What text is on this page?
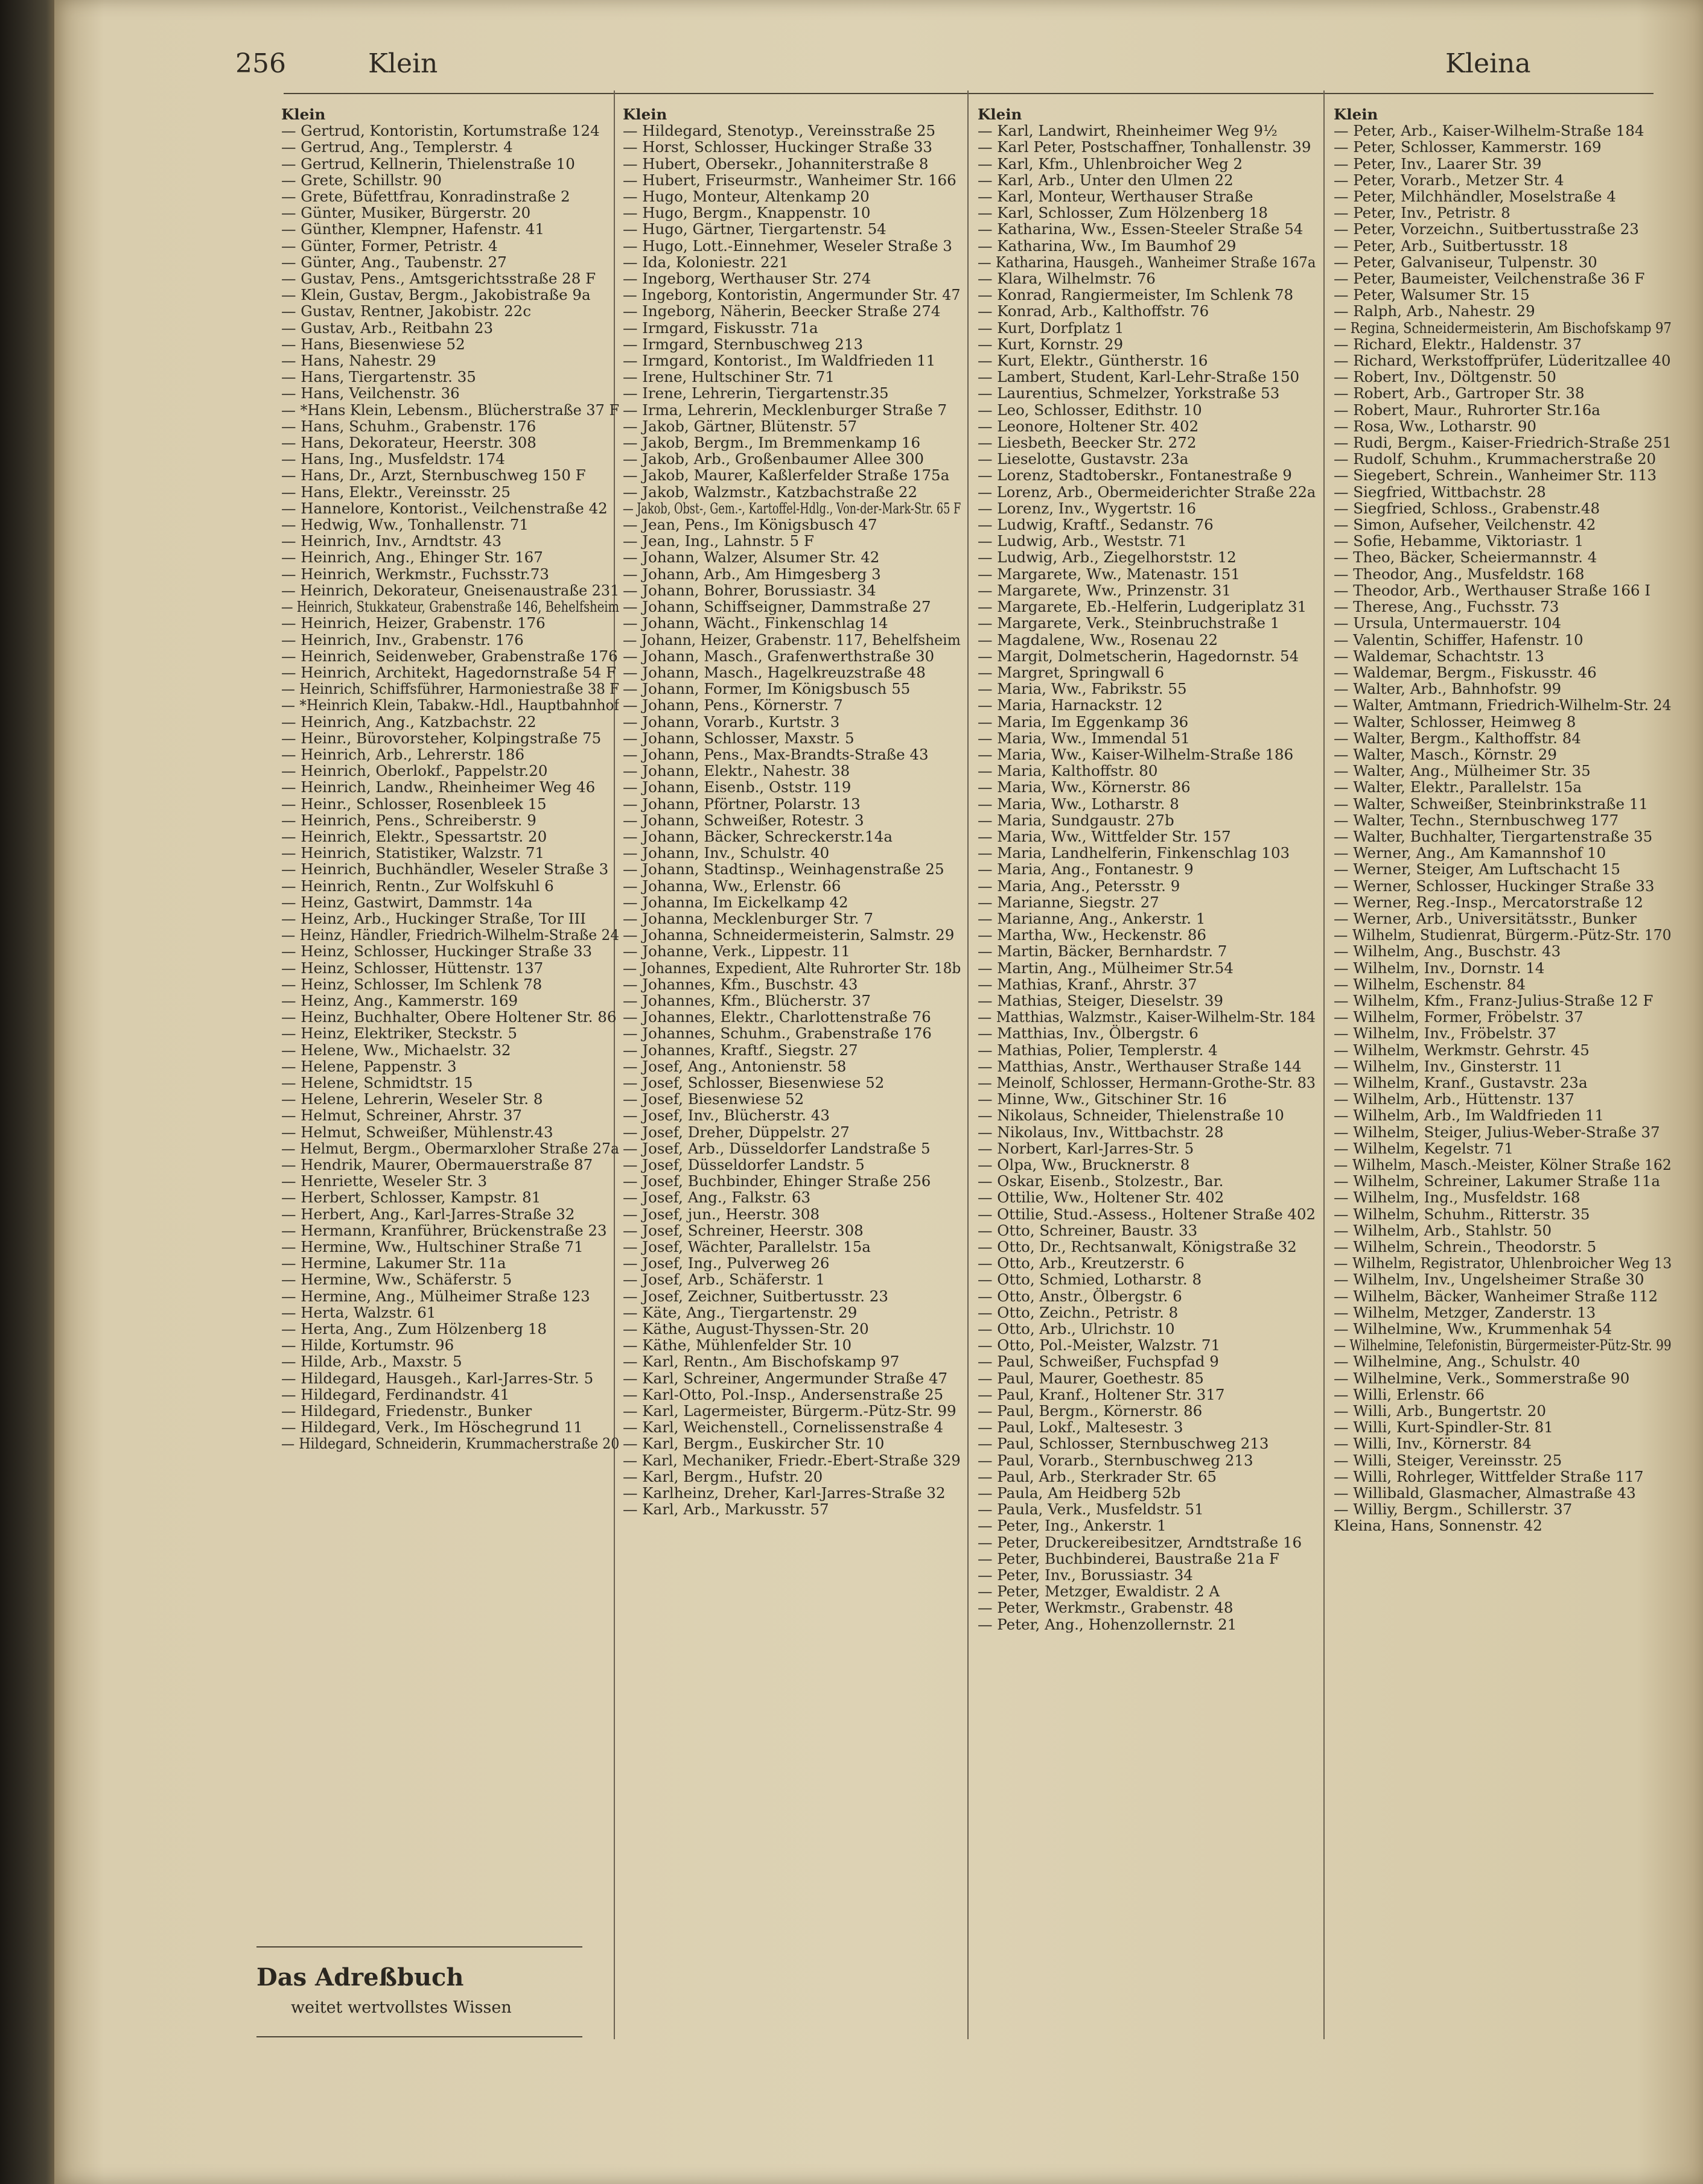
256	Klein	Kleina
Klein
— Gertrud, Kontoristin, Kortumstraße 124
— Gertrud, Ang., Templerstr. 4
— Gertrud, Kellnerin, Thielenstraße 10
— Grete, Schillstr. 90
— Grete, Büfettfrau, Konradinstraße 2
— Günter, Musiker, Bürgerstr. 20
— Günther, Klempner, Hafenstr. 41
— Günter, Former, Petristr. 4
— Günter, Ang., Taubenstr. 27
— Gustav, Pens., Amtsgerichtsstraße 28 F
— Klein, Gustav, Bergm., Jakobistraße 9a
— Gustav, Rentner, Jakobistr. 22c
— Gustav, Arb., Reitbahn 23
— Hans, Biesenwiese 52
— Hans, Nahestr. 29
— Hans, Tiergartenstr. 35
— Hans, Veilchenstr. 36
— *Hans Klein, Lebensm., Blücherstraße 37 F
— Hans, Schuhm., Grabenstr. 176
— Hans, Dekorateur, Heerstr. 308
— Hans, Ing., Musfeldstr. 174
— Hans, Dr., Arzt, Sternbuschweg 150 F
— Hans, Elektr., Vereinsstr. 25
— Hannelore, Kontorist., Veilchenstraße 42
— Hedwig, Ww., Tonhallenstr. 71
— Heinrich, Inv., Arndtstr. 43
— Heinrich, Ang., Ehinger Str. 167
— Heinrich, Werkmstr., Fuchsstr.73
— Heinrich, Dekorateur, Gneisenaustraße 231
— Heinrich, Stukkateur, Grabenstraße 146, Behelfsheim
— Heinrich, Heizer, Grabenstr. 176
— Heinrich, Inv., Grabenstr. 176
— Heinrich, Seidenweber, Grabenstraße 176
— Heinrich, Architekt, Hagedornstraße 54 F
— Heinrich, Schiffsführer, Harmoniestraße 38 F
— *Heinrich Klein, Tabakw.-Hdl., Hauptbahnhof
— Heinrich, Ang., Katzbachstr. 22
— Heinr., Bürovorsteher, Kolpingstraße 75
— Heinrich, Arb., Lehrerstr. 186
— Heinrich, Oberlokf., Pappelstr.20
— Heinrich, Landw., Rheinheimer Weg 46
— Heinr., Schlosser, Rosenbleek 15
— Heinrich, Pens., Schreiberstr. 9
— Heinrich, Elektr., Spessartstr. 20
— Heinrich, Statistiker, Walzstr. 71
— Heinrich, Buchhändler, Weseler Straße 3
— Heinrich, Rentn., Zur Wolfskuhl 6
— Heinz, Gastwirt, Dammstr. 14a
— Heinz, Arb., Huckinger Straße, Tor III
— Heinz, Händler, Friedrich-Wilhelm-Straße 24
— Heinz, Schlosser, Huckinger Straße 33
— Heinz, Schlosser, Hüttenstr. 137
— Heinz, Schlosser, Im Schlenk 78
— Heinz, Ang., Kammerstr. 169
— Heinz, Buchhalter, Obere Holtener Str. 86
— Heinz, Elektriker, Steckstr. 5
— Helene, Ww., Michaelstr. 32
— Helene, Pappenstr. 3
— Helene, Schmidtstr. 15
— Helene, Lehrerin, Weseler Str. 8
— Helmut, Schreiner, Ahrstr. 37
— Helmut, Schweißer, Mühlenstr.43
— Helmut, Bergm., Obermarxloher Straße 27a
— Hendrik, Maurer, Obermauerstraße 87
— Henriette, Weseler Str. 3
— Herbert, Schlosser, Kampstr. 81
— Herbert, Ang., Karl-Jarres-Straße 32
— Hermann, Kranführer, Brückenstraße 23
— Hermine, Ww., Hultschiner Straße 71
— Hermine, Lakumer Str. 11a
— Hermine, Ww., Schäferstr. 5
— Hermine, Ang., Mülheimer Straße 123
— Herta, Walzstr. 61
— Herta, Ang., Zum Hölzenberg 18
— Hilde, Kortumstr. 96
— Hilde, Arb., Maxstr. 5
— Hildegard, Hausgeh., Karl-Jarres-Str. 5
— Hildegard, Ferdinandstr. 41
— Hildegard, Friedenstr., Bunker
— Hildegard, Verk., Im Höschegrund 11
— Hildegard, Schneiderin, Krummacherstraße 20
Klein
— Hildegard, Stenotyp., Vereinsstraße 25
— Horst, Schlosser, Huckinger Straße 33
— Hubert, Obersekr., Johanniterstraße 8
— Hubert, Friseurmstr., Wanheimer Str. 166
— Hugo, Monteur, Altenkamp 20
— Hugo, Bergm., Knappenstr. 10
— Hugo, Gärtner, Tiergartenstr. 54
— Hugo, Lott.-Einnehmer, Weseler Straße 3
— Ida, Koloniestr. 221
— Ingeborg, Werthauser Str. 274
— Ingeborg, Kontoristin, Angermunder Str. 47
— Ingeborg, Näherin, Beecker Straße 274
— Irmgard, Fiskusstr. 71a
— Irmgard, Sternbuschweg 213
— Irmgard, Kontorist., Im Waldfrieden 11
— Irene, Hultschiner Str. 71
— Irene, Lehrerin, Tiergartenstr.35
— Irma, Lehrerin, Mecklenburger Straße 7
— Jakob, Gärtner, Blütenstr. 57
— Jakob, Bergm., Im Bremmenkamp 16
— Jakob, Arb., Großenbaumer Allee 300
— Jakob, Maurer, Kaßlerfelder Straße 175a
— Jakob, Walzmstr., Katzbachstraße 22
— Jakob, Obst-, Gem.-, Kartoffel-Hdlg., Von-der-Mark-Str. 65 F
— Jean, Pens., Im Königsbusch 47
— Jean, Ing., Lahnstr. 5 F
— Johann, Walzer, Alsumer Str. 42
— Johann, Arb., Am Himgesberg 3
— Johann, Bohrer, Borussiastr. 34
— Johann, Schiffseigner, Dammstraße 27
— Johann, Wächt., Finkenschlag 14
— Johann, Heizer, Grabenstr. 117, Behelfsheim
— Johann, Masch., Grafenwerthstraße 30
— Johann, Masch., Hagelkreuzstraße 48
— Johann, Former, Im Königsbusch 55
— Johann, Pens., Körnerstr. 7
— Johann, Vorarb., Kurtstr. 3
— Johann, Schlosser, Maxstr. 5
— Johann, Pens., Max-Brandts-Straße 43
— Johann, Elektr., Nahestr. 38
— Johann, Eisenb., Oststr. 119
— Johann, Pförtner, Polarstr. 13
— Johann, Schweißer, Rotestr. 3
— Johann, Bäcker, Schreckerstr.14a
— Johann, Inv., Schulstr. 40
— Johann, Stadtinsp., Weinhagenstraße 25
— Johanna, Ww., Erlenstr. 66
— Johanna, Im Eickelkamp 42
— Johanna, Mecklenburger Str. 7
— Johanna, Schneidermeisterin, Salmstr. 29
— Johanne, Verk., Lippestr. 11
— Johannes, Expedient, Alte Ruhrorter Str. 18b
— Johannes, Kfm., Buschstr. 43
— Johannes, Kfm., Blücherstr. 37
— Johannes, Elektr., Charlottenstraße 76
— Johannes, Schuhm., Grabenstraße 176
— Johannes, Kraftf., Siegstr. 27
— Josef, Ang., Antonienstr. 58
— Josef, Schlosser, Biesenwiese 52
— Josef, Biesenwiese 52
— Josef, Inv., Blücherstr. 43
— Josef, Dreher, Düppelstr. 27
— Josef, Arb., Düsseldorfer Landstraße 5
— Josef, Düsseldorfer Landstr. 5
— Josef, Buchbinder, Ehinger Straße 256
— Josef, Ang., Falkstr. 63
— Josef, jun., Heerstr. 308
— Josef, Schreiner, Heerstr. 308
— Josef, Wächter, Parallelstr. 15a
— Josef, Ing., Pulverweg 26
— Josef, Arb., Schäferstr. 1
— Josef, Zeichner, Suitbertusstr. 23
— Käte, Ang., Tiergartenstr. 29
— Käthe, August-Thyssen-Str. 20
— Käthe, Mühlenfelder Str. 10
— Karl, Rentn., Am Bischofskamp 97
— Karl, Schreiner, Angermunder Straße 47
— Karl-Otto, Pol.-Insp., Andersenstraße 25
— Karl, Lagermeister, Bürgerm.-Pütz-Str. 99
— Karl, Weichenstell., Cornelissenstraße 4
— Karl, Bergm., Euskircher Str. 10
— Karl, Mechaniker, Friedr.-Ebert-Straße 329
— Karl, Bergm., Hufstr. 20
— Karlheinz, Dreher, Karl-Jarres-Straße 32
— Karl, Arb., Markusstr. 57
Klein
— Karl, Landwirt, Rheinheimer Weg 9½
— Karl Peter, Postschaffner, Tonhallenstr. 39
— Karl, Kfm., Uhlenbroicher Weg 2
— Karl, Arb., Unter den Ulmen 22
— Karl, Monteur, Werthauser Straße
— Karl, Schlosser, Zum Hölzenberg 18
— Katharina, Ww., Essen-Steeler Straße 54
— Katharina, Ww., Im Baumhof 29
— Katharina, Hausgeh., Wanheimer Straße 167a
— Klara, Wilhelmstr. 76
— Konrad, Rangiermeister, Im Schlenk 78
— Konrad, Arb., Kalthoffstr. 76
— Kurt, Dorfplatz 1
— Kurt, Kornstr. 29
— Kurt, Elektr., Güntherstr. 16
— Lambert, Student, Karl-Lehr-Straße 150
— Laurentius, Schmelzer, Yorkstraße 53
— Leo, Schlosser, Edithstr. 10
— Leonore, Holtener Str. 402
— Liesbeth, Beecker Str. 272
— Lieselotte, Gustavstr. 23a
— Lorenz, Stadtoberskr., Fontanestraße 9
— Lorenz, Arb., Obermeiderichter Straße 22a
— Lorenz, Inv., Wygertstr. 16
— Ludwig, Kraftf., Sedanstr. 76
— Ludwig, Arb., Weststr. 71
— Ludwig, Arb., Ziegelhorststr. 12
— Margarete, Ww., Matenastr. 151
— Margarete, Ww., Prinzenstr. 31
— Margarete, Eb.-Helferin, Ludgeriplatz 31
— Margarete, Verk., Steinbruchstraße 1
— Magdalene, Ww., Rosenau 22
— Margit, Dolmetscherin, Hagedornstr. 54
— Margret, Springwall 6
— Maria, Ww., Fabrikstr. 55
— Maria, Harnackstr. 12
— Maria, Im Eggenkamp 36
— Maria, Ww., Immendal 51
— Maria, Ww., Kaiser-Wilhelm-Straße 186
— Maria, Kalthoffstr. 80
— Maria, Ww., Körnerstr. 86
— Maria, Ww., Lotharstr. 8
— Maria, Sundgaustr. 27b
— Maria, Ww., Wittfelder Str. 157
— Maria, Landhelferin, Finkenschlag 103
— Maria, Ang., Fontanestr. 9
— Maria, Ang., Petersstr. 9
— Marianne, Siegstr. 27
— Marianne, Ang., Ankerstr. 1
— Martha, Ww., Heckenstr. 86
— Martin, Bäcker, Bernhardstr. 7
— Martin, Ang., Mülheimer Str.54
— Mathias, Kranf., Ahrstr. 37
— Mathias, Steiger, Dieselstr. 39
— Matthias, Walzmstr., Kaiser-Wilhelm-Str. 184
— Matthias, Inv., Ölbergstr. 6
— Mathias, Polier, Templerstr. 4
— Matthias, Anstr., Werthauser Straße 144
— Meinolf, Schlosser, Hermann-Grothe-Str. 83
— Minne, Ww., Gitschiner Str. 16
— Nikolaus, Schneider, Thielenstraße 10
— Nikolaus, Inv., Wittbachstr. 28
— Norbert, Karl-Jarres-Str. 5
— Olpa, Ww., Brucknerstr. 8
— Oskar, Eisenb., Stolzestr., Bar.
— Ottilie, Ww., Holtener Str. 402
— Ottilie, Stud.-Assess., Holtener Straße 402
— Otto, Schreiner, Baustr. 33
— Otto, Dr., Rechtsanwalt, Königstraße 32
— Otto, Arb., Kreutzerstr. 6
— Otto, Schmied, Lotharstr. 8
— Otto, Anstr., Ölbergstr. 6
— Otto, Zeichn., Petristr. 8
— Otto, Arb., Ulrichstr. 10
— Otto, Pol.-Meister, Walzstr. 71
— Paul, Schweißer, Fuchspfad 9
— Paul, Maurer, Goethestr. 85
— Paul, Kranf., Holtener Str. 317
— Paul, Bergm., Körnerstr. 86
— Paul, Lokf., Maltesestr. 3
— Paul, Schlosser, Sternbuschweg 213
— Paul, Vorarb., Sternbuschweg 213
— Paul, Arb., Sterkrader Str. 65
— Paula, Am Heidberg 52b
— Paula, Verk., Musfeldstr. 51
— Peter, Ing., Ankerstr. 1
— Peter, Druckereibesitzer, Arndtstraße 16
— Peter, Buchbinderei, Baustraße 21a F
— Peter, Inv., Borussiastr. 34
— Peter, Metzger, Ewaldistr. 2 A
— Peter, Werkmstr., Grabenstr. 48
— Peter, Ang., Hohenzollernstr. 21
Klein
— Peter, Arb., Kaiser-Wilhelm-Straße 184
— Peter, Schlosser, Kammerstr. 169
— Peter, Inv., Laarer Str. 39
— Peter, Vorarb., Metzer Str. 4
— Peter, Milchhändler, Moselstraße 4
— Peter, Inv., Petristr. 8
— Peter, Vorzeichn., Suitbertusstraße 23
— Peter, Arb., Suitbertusstr. 18
— Peter, Galvaniseur, Tulpenstr. 30
— Peter, Baumeister, Veilchenstraße 36 F
— Peter, Walsumer Str. 15
— Ralph, Arb., Nahestr. 29
— Regina, Schneidermeisterin, Am Bischofskamp 97
— Richard, Elektr., Haldenstr. 37
— Richard, Werkstoffprüfer, Lüderitzallee 40
— Robert, Inv., Döltgenstr. 50
— Robert, Arb., Gartroper Str. 38
— Robert, Maur., Ruhrorter Str.16a
— Rosa, Ww., Lotharstr. 90
— Rudi, Bergm., Kaiser-Friedrich-Straße 251
— Rudolf, Schuhm., Krummacherstraße 20
— Siegebert, Schrein., Wanheimer Str. 113
— Siegfried, Wittbachstr. 28
— Siegfried, Schloss., Grabenstr.48
— Simon, Aufseher, Veilchenstr. 42
— Sofie, Hebamme, Viktoriastr. 1
— Theo, Bäcker, Scheiermannstr. 4
— Theodor, Ang., Musfeldstr. 168
— Theodor, Arb., Werthauser Straße 166 I
— Therese, Ang., Fuchsstr. 73
— Ursula, Untermauerstr. 104
— Valentin, Schiffer, Hafenstr. 10
— Waldemar, Schachtstr. 13
— Waldemar, Bergm., Fiskusstr. 46
— Walter, Arb., Bahnhofstr. 99
— Walter, Amtmann, Friedrich-Wilhelm-Str. 24
— Walter, Schlosser, Heimweg 8
— Walter, Bergm., Kalthoffstr. 84
— Walter, Masch., Körnstr. 29
— Walter, Ang., Mülheimer Str. 35
— Walter, Elektr., Parallelstr. 15a
— Walter, Schweißer, Steinbrinkstraße 11
— Walter, Techn., Sternbuschweg 177
— Walter, Buchhalter, Tiergartenstraße 35
— Werner, Ang., Am Kamannshof 10
— Werner, Steiger, Am Luftschacht 15
— Werner, Schlosser, Huckinger Straße 33
— Werner, Reg.-Insp., Mercatorstraße 12
— Werner, Arb., Universitätsstr., Bunker
— Wilhelm, Studienrat, Bürgerm.-Pütz-Str. 170
— Wilhelm, Ang., Buschstr. 43
— Wilhelm, Inv., Dornstr. 14
— Wilhelm, Eschenstr. 84
— Wilhelm, Kfm., Franz-Julius-Straße 12 F
— Wilhelm, Former, Fröbelstr. 37
— Wilhelm, Inv., Fröbelstr. 37
— Wilhelm, Werkmstr. Gehrstr. 45
— Wilhelm, Inv., Ginsterstr. 11
— Wilhelm, Kranf., Gustavstr. 23a
— Wilhelm, Arb., Hüttenstr. 137
— Wilhelm, Arb., Im Waldfrieden 11
— Wilhelm, Steiger, Julius-Weber-Straße 37
— Wilhelm, Kegelstr. 71
— Wilhelm, Masch.-Meister, Kölner Straße 162
— Wilhelm, Schreiner, Lakumer Straße 11a
— Wilhelm, Ing., Musfeldstr. 168
— Wilhelm, Schuhm., Ritterstr. 35
— Wilhelm, Arb., Stahlstr. 50
— Wilhelm, Schrein., Theodorstr. 5
— Wilhelm, Registrator, Uhlenbroicher Weg 13
— Wilhelm, Inv., Ungelsheimer Straße 30
— Wilhelm, Bäcker, Wanheimer Straße 112
— Wilhelm, Metzger, Zanderstr. 13
— Wilhelmine, Ww., Krummenhak 54
— Wilhelmine, Telefonistin, Bürgermeister-Pütz-Str. 99
— Wilhelmine, Ang., Schulstr. 40
— Wilhelmine, Verk., Sommerstraße 90
— Willi, Erlenstr. 66
— Willi, Arb., Bungertstr. 20
— Willi, Kurt-Spindler-Str. 81
— Willi, Inv., Körnerstr. 84
— Willi, Steiger, Vereinsstr. 25
— Willi, Rohrleger, Wittfelder Straße 117
— Willibald, Glasmacher, Almastraße 43
— Williy, Bergm., Schillerstr. 37
Kleina, Hans, Sonnenstr. 42
Das Adreßbuch
weitet wertvollstes Wissen
